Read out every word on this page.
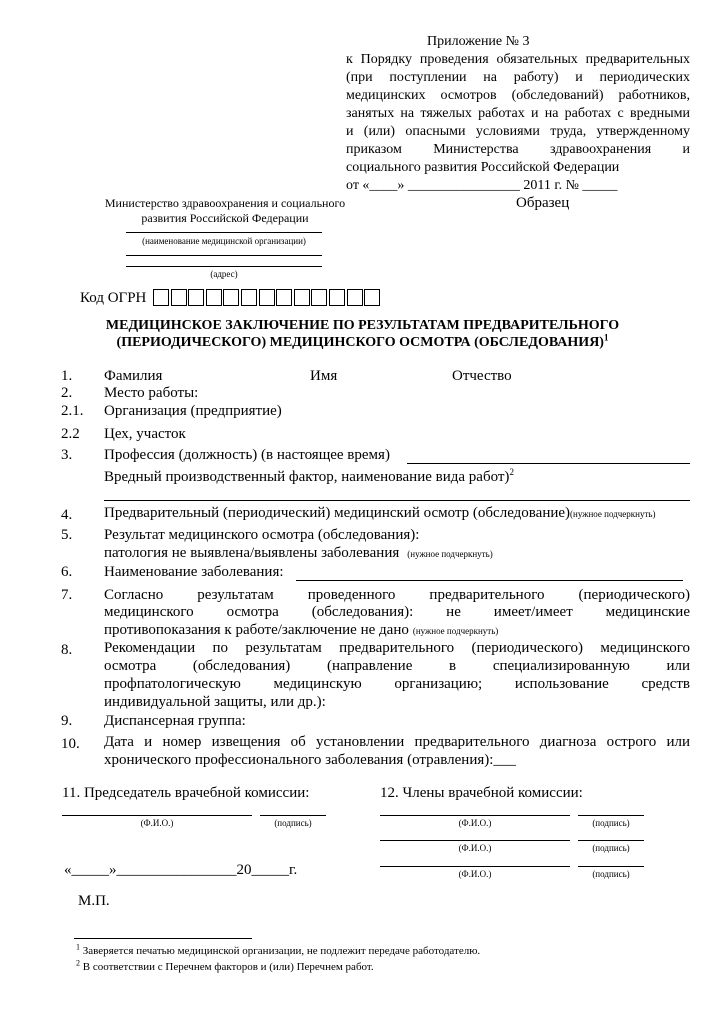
Приложение № 3
к Порядку проведения обязательных предварительных
(при поступлении на работу) и периодических
медицинских осмотров (обследований) работников,
занятых на тяжелых работах и на работах с вредными
и (или) опасными условиями труда, утвержденному
приказом Министерства здравоохранения и
социального развития Российской Федерации
от «____» ________________ 2011 г. № _____
Министерство здравоохранения и социального
развития Российской Федерации
(наименование медицинской организации)
(адрес)
Образец
Код ОГРН
МЕДИЦИНСКОЕ ЗАКЛЮЧЕНИЕ ПО РЕЗУЛЬТАТАМ ПРЕДВАРИТЕЛЬНОГО
(ПЕРИОДИЧЕСКОГО) МЕДИЦИНСКОГО ОСМОТРА (ОБСЛЕДОВАНИЯ)$^1$
1. Фамилия	Имя	Отчество
2. Место работы:
2.1. Организация (предприятие)
2.2 Цех, участок
3. Профессия (должность) (в настоящее время)
Вредный производственный фактор, наименование вида работ)$^2$
4. Предварительный (периодический) медицинский осмотр (обследование)(нужное подчеркнуть)
5. Результат медицинского осмотра (обследования):
патология не выявлена/выявлены заболевания (нужное подчеркнуть)
6. Наименование заболевания:
7. Согласно результатам проведенного предварительного (периодического)
медицинского осмотра (обследования): не имеет/имеет медицинские
противопоказания к работе/заключение не дано (нужное подчеркнуть)
8. Рекомендации по результатам предварительного (периодического) медицинского
осмотра (обследования) (направление в специализированную или
профпатологическую медицинскую организацию; использование средств
индивидуальной защиты, или др.):
9. Диспансерная группа:
10. Дата и номер извещения об установлении предварительного диагноза острого или
хронического профессионального заболевания (отравления):___
11. Председатель врачебной комиссии:	12. Члены врачебной комиссии:
(Ф.И.О.)	(подпись)	(Ф.И.О.)	(подпись)
(Ф.И.О.)	(подпись)
(Ф.И.О.)	(подпись)
«_____»________________20_____г.
М.П.
$^1$ Заверяется печатью медицинской организации, не подлежит передаче работодателю.
$^2$ В соответствии с Перечнем факторов и (или) Перечнем работ.
